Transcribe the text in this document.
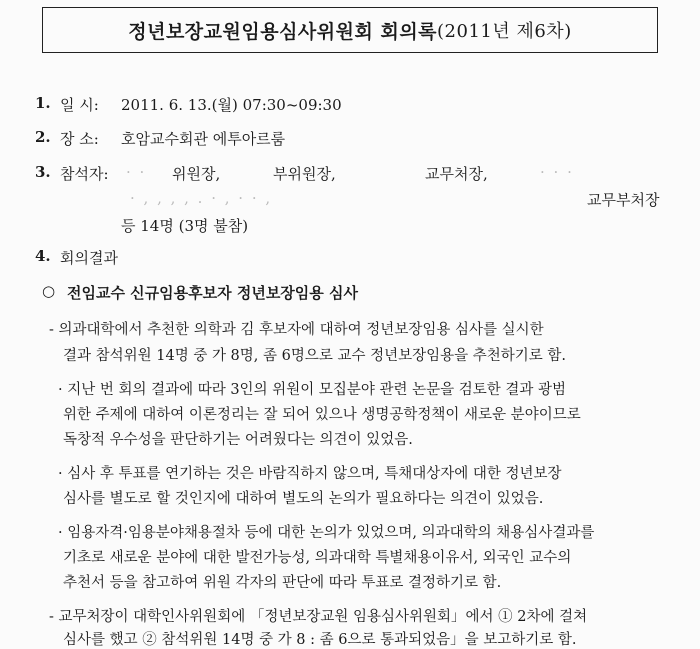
정년보장교원임용심사위원회 회의록 (2011년 제6차)
1. 일 시: 2011. 6. 13.(월) 07:30~09:30
2. 장 소: 호암교수회관 에투아르룸
3. 참석자: · · 위원장,	부위원장,	교무처장,	· · ·
· , , , , . · , · · ,	교무부처장
등 14명 (3명 불참)
4. 회의결과
○ 전임교수 신규임용후보자 정년보장임용 심사
- 의과대학에서 추천한 의학과 김 후보자에 대하여 정년보장임용 심사를 실시한
결과 참석위원 14명 중 가 8명, 좀 6명으로 교수 정년보장임용을 추천하기로 함.
· 지난 번 회의 결과에 따라 3인의 위원이 모집분야 관련 논문을 검토한 결과 광범
위한 주제에 대하여 이론정리는 잘 되어 있으나 생명공학정책이 새로운 분야이므로
독창적 우수성을 판단하기는 어려웠다는 의견이 있었음.
· 심사 후 투표를 연기하는 것은 바람직하지 않으며, 특채대상자에 대한 정년보장
심사를 별도로 할 것인지에 대하여 별도의 논의가 필요하다는 의견이 있었음.
· 임용자격·임용분야채용절차 등에 대한 논의가 있었으며, 의과대학의 채용심사결과를
기초로 새로운 분야에 대한 발전가능성, 의과대학 특별채용이유서, 외국인 교수의
추천서 등을 참고하여 위원 각자의 판단에 따라 투표로 결정하기로 함.
- 교무처장이 대학인사위원회에 「정년보장교원 임용심사위원회」에서 ① 2차에 걸쳐
심사를 했고 ② 참석위원 14명 중 가 8 : 좀 6으로 통과되었음」을 보고하기로 함.
